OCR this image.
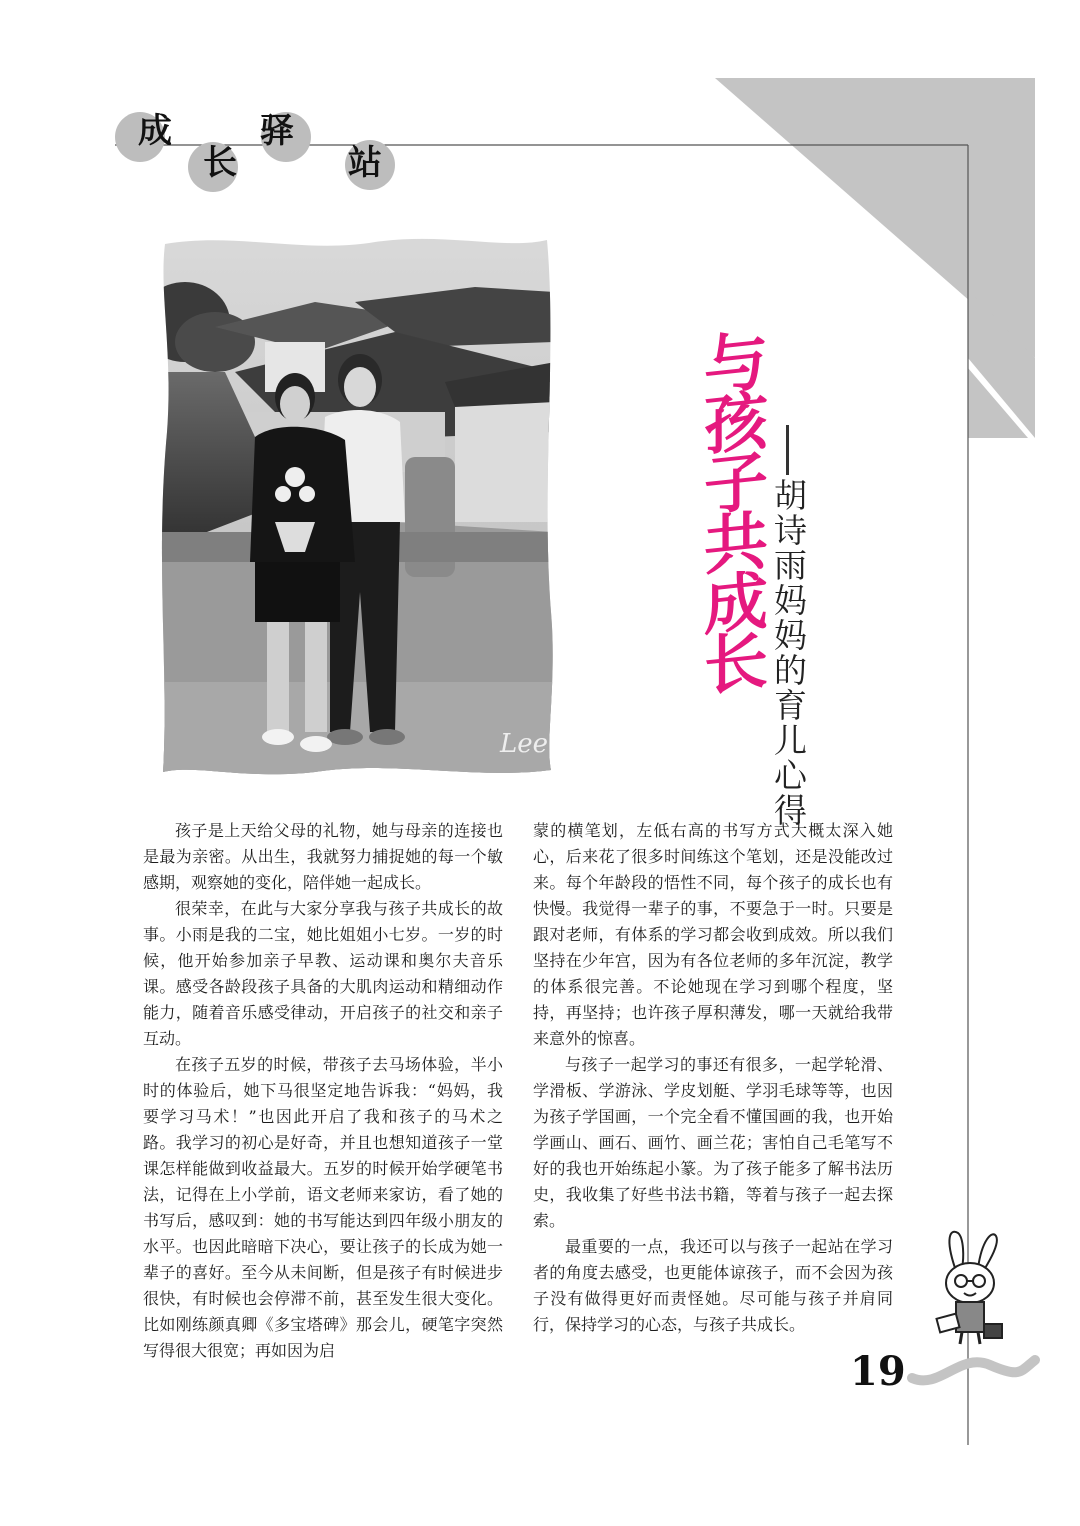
成
长
驿
站
Lee
与孩子共成长 胡诗雨妈妈的育儿心得

孩子是上天给父母的礼物，她与母亲的连接也是最为亲密。从出生，我就努力捕捉她的每一个敏感期，观察她的变化，陪伴她一起成长。

很荣幸，在此与大家分享我与孩子共成长的故事。小雨是我的二宝，她比姐姐小七岁。一岁的时候，他开始参加亲子早教、运动课和奥尔夫音乐课。感受各龄段孩子具备的大肌肉运动和精细动作能力，随着音乐感受律动，开启孩子的社交和亲子互动。

在孩子五岁的时候，带孩子去马场体验，半小时的体验后，她下马很坚定地告诉我：“妈妈，我要学习马术！”也因此开启了我和孩子的马术之路。我学习的初心是好奇，并且也想知道孩子一堂课怎样能做到收益最大。五岁的时候开始学硬笔书法，记得在上小学前，语文老师来家访，看了她的书写后，感叹到：她的书写能达到四年级小朋友的水平。也因此暗暗下决心，要让孩子的长成为她一辈子的喜好。至今从未间断，但是孩子有时候进步很快，有时候也会停滞不前，甚至发生很大变化。比如刚练颜真卿《多宝塔碑》那会儿，硬笔字突然写得很大很宽；再如因为启

蒙的横笔划，左低右高的书写方式大概太深入她心，后来花了很多时间练这个笔划，还是没能改过来。每个年龄段的悟性不同，每个孩子的成长也有快慢。我觉得一辈子的事，不要急于一时。只要是跟对老师，有体系的学习都会收到成效。所以我们坚持在少年宫，因为有各位老师的多年沉淀，教学的体系很完善。不论她现在学习到哪个程度，坚持，再坚持；也许孩子厚积薄发，哪一天就给我带来意外的惊喜。

与孩子一起学习的事还有很多，一起学轮滑、学滑板、学游泳、学皮划艇、学羽毛球等等，也因为孩子学国画，一个完全看不懂国画的我，也开始学画山、画石、画竹、画兰花；害怕自己毛笔写不好的我也开始练起小篆。为了孩子能多了解书法历史，我收集了好些书法书籍，等着与孩子一起去探索。

最重要的一点，我还可以与孩子一起站在学习者的角度去感受，也更能体谅孩子，而不会因为孩子没有做得更好而责怪她。尽可能与孩子并肩同行，保持学习的心态，与孩子共成长。

19
